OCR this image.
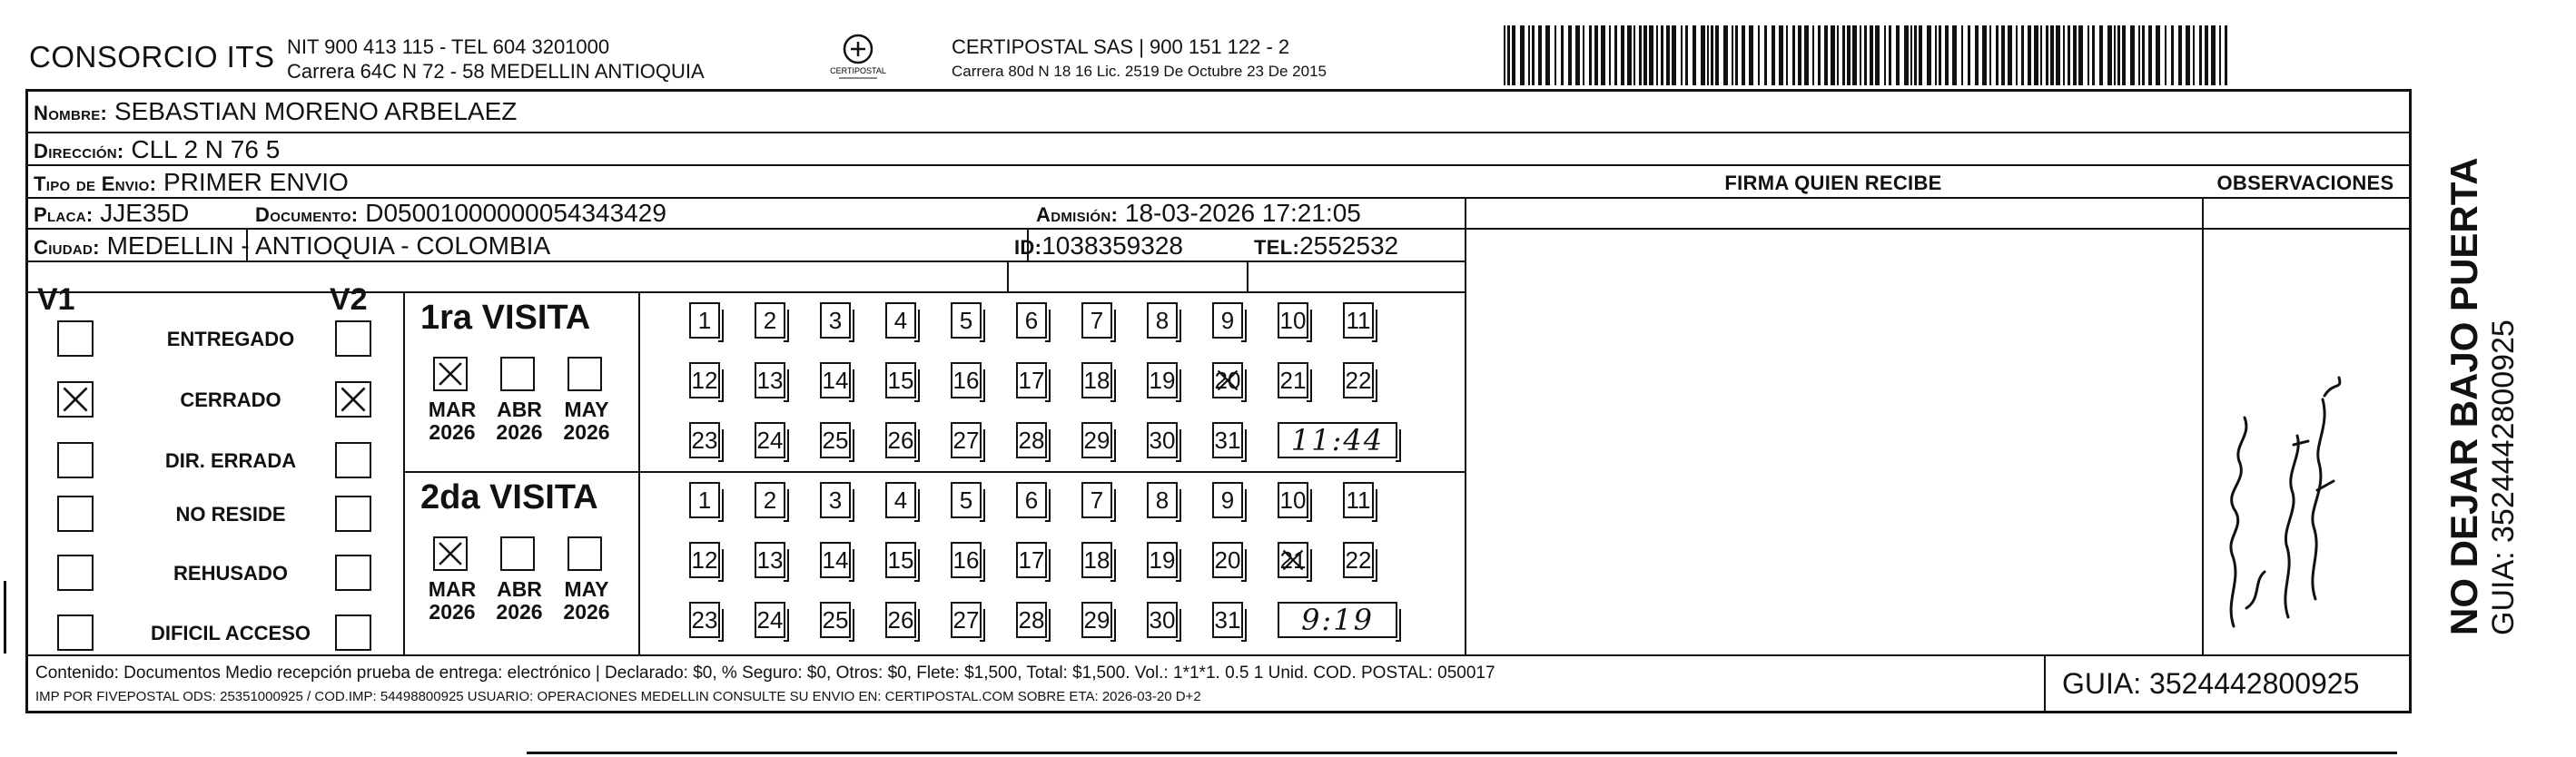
CONSORCIO ITS NIT 900 413 115 - TEL 604 3201000
Carrera 64C N 72 - 58 MEDELLIN ANTIOQUIA	CERTIPOSTAL
CERTIPOSTAL SAS | 900 151 122 - 2
Carrera 80d N 18 16 Lic. 2519 De Octubre 23 De 2015
Nombre: SEBASTIAN MORENO ARBELAEZ
Dirección: CLL 2 N 76 5
Tipo de Envio: PRIMER ENVIO	FIRMA QUIEN RECIBE	OBSERVACIONES
Placa: JJE35D	Documento: D05001000000054343429	Admisión: 18-03-2026 17:21:05
Ciudad: MEDELLIN - ANTIOQUIA - COLOMBIA	ID:1038359328	TEL:2552532
V1	V2
ENTREGADO
CERRADO
DIR. ERRADA
NO RESIDE
REHUSADO
DIFICIL ACCESO
1ra VISITA
MAR
2026
ABR
2026
MAY
2026
1	2	3	4	5	6	7	8	9	10 11
12 13 14 15 16 17 18 19 20 21 22
23 24 25 26 27 28 29 30 31	11:44
2da VISITA
MAR
2026
ABR
2026
MAY
2026
1	2	3	4	5	6	7	8	9	10 11
12 13 14 15 16 17 18 19 20 21 22
23 24 25 26 27 28 29 30 31	9:19
Contenido: Documentos Medio recepción prueba de entrega: electrónico | Declarado: $0, % Seguro: $0, Otros: $0, Flete: $1,500, Total: $1,500. Vol.: 1*1*1. 0.5 1 Unid. COD. POSTAL: 050017
IMP POR FIVEPOSTAL ODS: 25351000925 / COD.IMP: 54498800925 USUARIO: OPERACIONES MEDELLIN CONSULTE SU ENVIO EN: CERTIPOSTAL.COM SOBRE ETA: 2026-03-20 D+2	GUIA: 3524442800925
NO DEJAR BAJO PUERTA GUIA: 3524442800925
